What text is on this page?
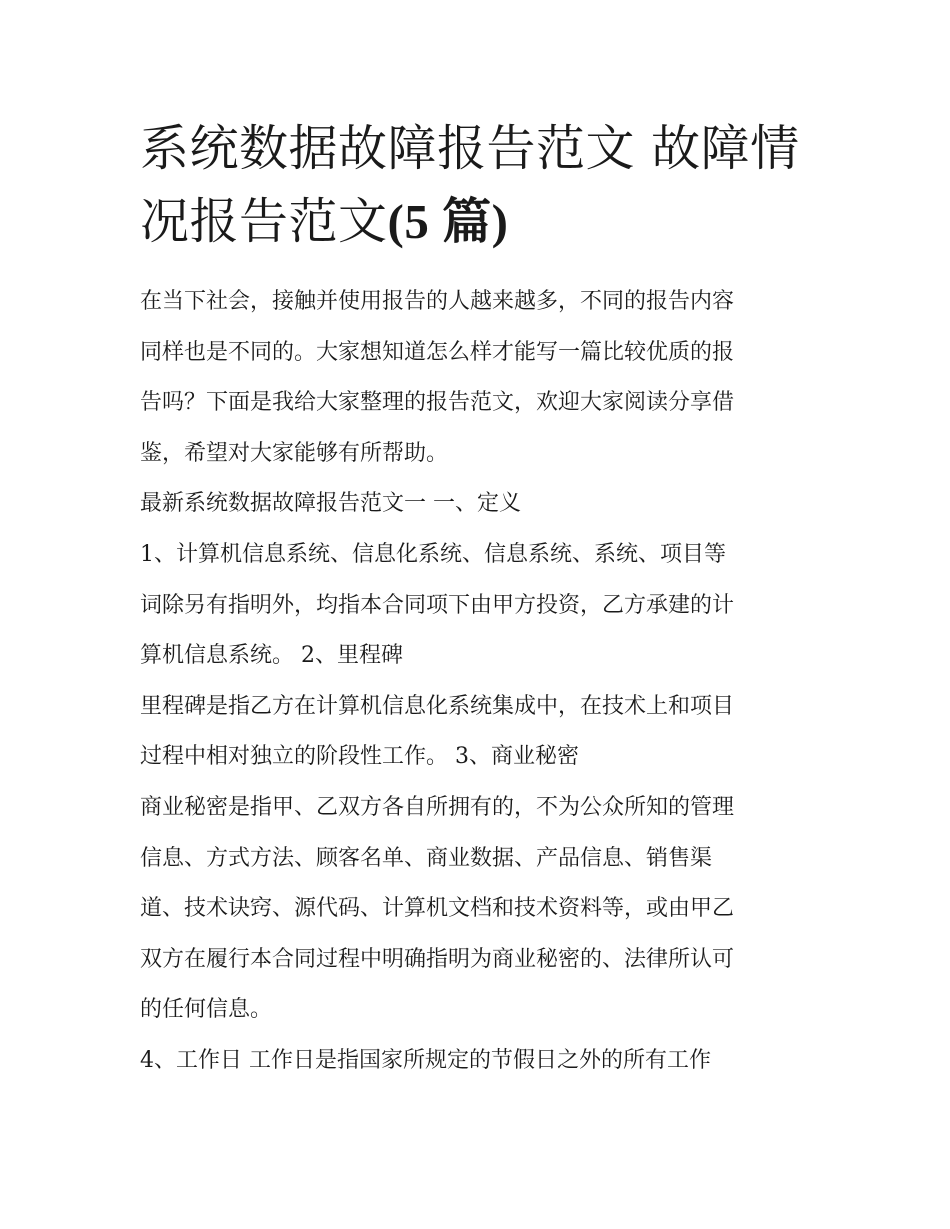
系统数据故障报告范文 故障情
况报告范文(5 篇)

在当下社会，接触并使用报告的人越来越多，不同的报告内容

同样也是不同的。大家想知道怎么样才能写一篇比较优质的报

告吗？下面是我给大家整理的报告范文，欢迎大家阅读分享借

鉴，希望对大家能够有所帮助。

最新系统数据故障报告范文一 一、定义

1、计算机信息系统、信息化系统、信息系统、系统、项目等

词除另有指明外，均指本合同项下由甲方投资，乙方承建的计

算机信息系统。 2、里程碑

里程碑是指乙方在计算机信息化系统集成中，在技术上和项目

过程中相对独立的阶段性工作。 3、商业秘密

商业秘密是指甲、乙双方各自所拥有的，不为公众所知的管理

信息、方式方法、顾客名单、商业数据、产品信息、销售渠

道、技术诀窍、源代码、计算机文档和技术资料等，或由甲乙

双方在履行本合同过程中明确指明为商业秘密的、法律所认可

的任何信息。

4、工作日 工作日是指国家所规定的节假日之外的所有工作
